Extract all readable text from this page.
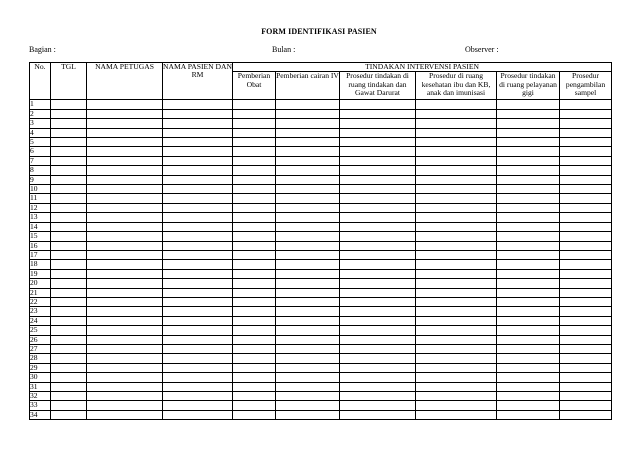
FORM IDENTIFIKASI PASIEN
Bagian :	Bulan :	Observer :
No.	TGL	NAMA PETUGAS	NAMA PASIEN DAN RM	TINDAKAN INTERVENSI PASIEN					
				Pemberian Obat	Pemberian cairan IV	Prosedur tindakan di ruang tindakan dan Gawat Darurat	Prosedur di ruang kesehatan ibu dan KB, anak dan imunisasi	Prosedur tindakan di ruang pelayanan gigi	Prosedur pengambilan sampel
1									
2									
3									
4									
5									
6									
7									
8									
9									
10									
11									
12									
13									
14									
15									
16									
17									
18									
19									
20									
21									
22									
23									
24									
25									
26									
27									
28									
29									
30									
31									
32									
33									
34									
